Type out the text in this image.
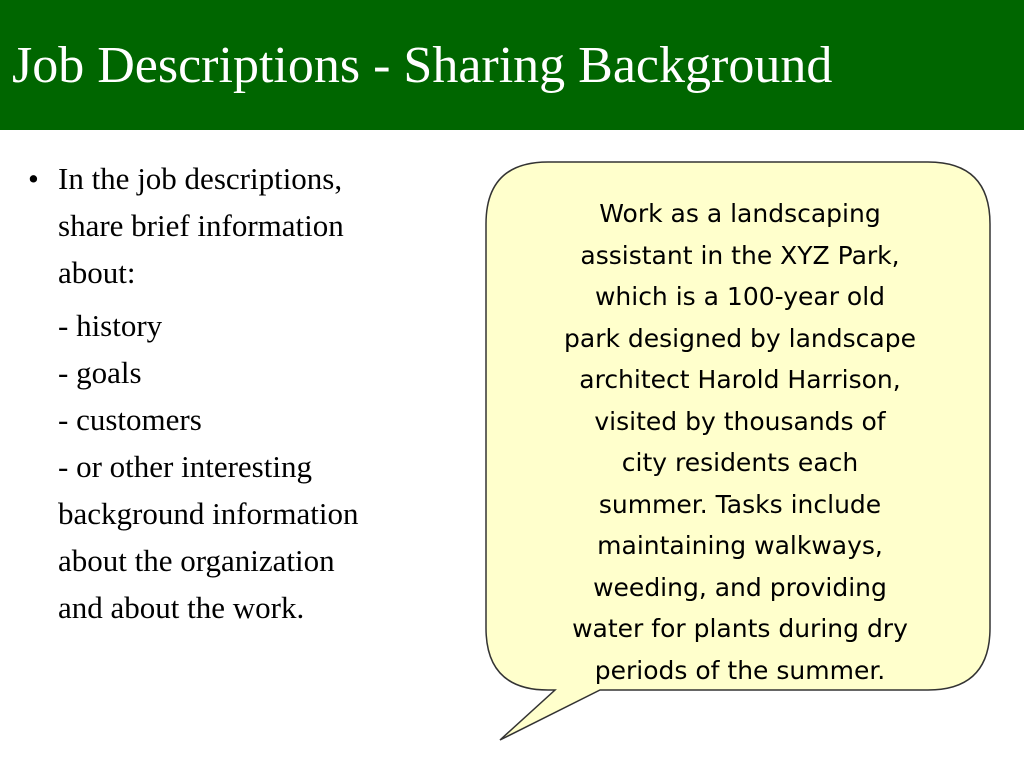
Job Descriptions - Sharing Background
• In the job descriptions,
share brief information
about:
- history
- goals
- customers
- or other interesting
background information
about the organization
and about the work.
Work as a landscaping
assistant in the XYZ Park,
which is a 100-year old
park designed by landscape
architect Harold Harrison,
visited by thousands of
city residents each
summer. Tasks include
maintaining walkways,
weeding, and providing
water for plants during dry
periods of the summer.
